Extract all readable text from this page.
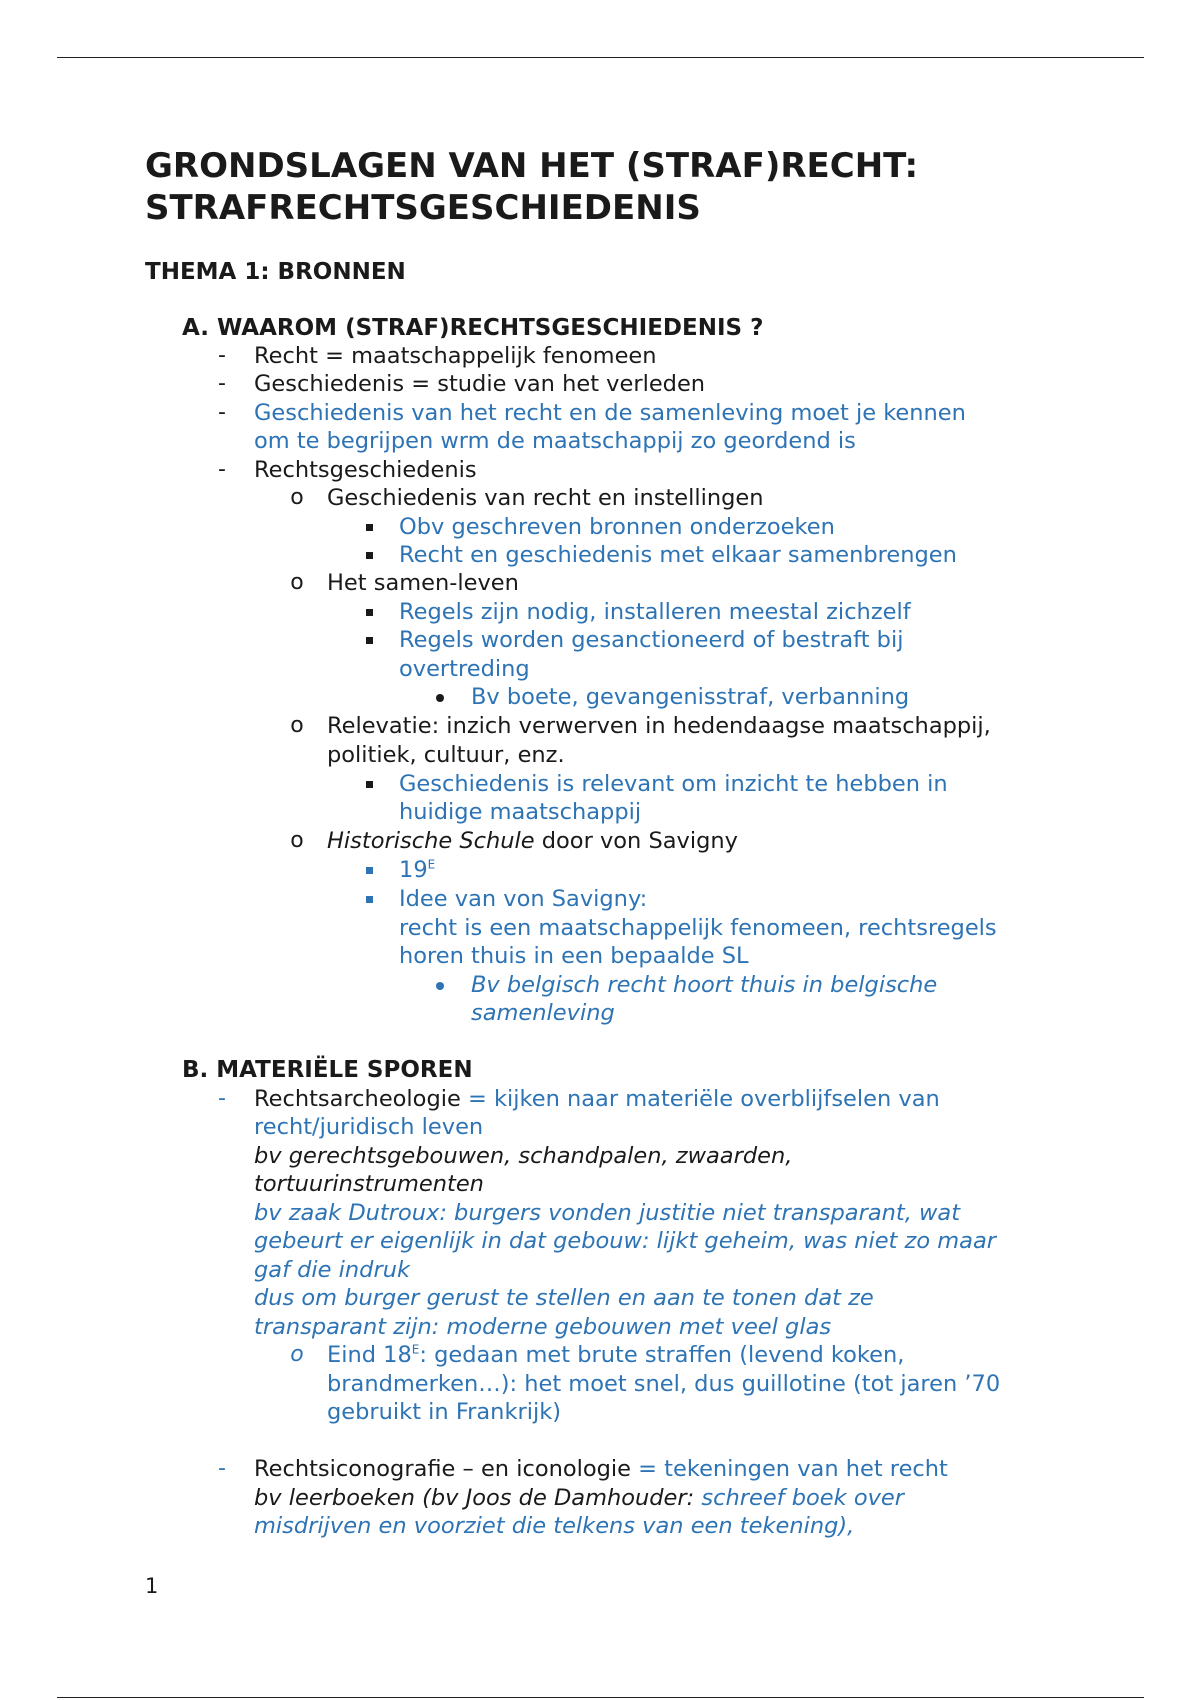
GRONDSLAGEN VAN HET (STRAF)RECHT:
STRAFRECHTSGESCHIEDENIS
THEMA 1: BRONNEN
A. WAAROM (STRAF)RECHTSGESCHIEDENIS ?
- Recht = maatschappelijk fenomeen
- Geschiedenis = studie van het verleden
- Geschiedenis van het recht en de samenleving moet je kennen
om te begrijpen wrm de maatschappij zo geordend is
- Rechtsgeschiedenis
o Geschiedenis van recht en instellingen
Obv geschreven bronnen onderzoeken
Recht en geschiedenis met elkaar samenbrengen
o Het samen-leven
Regels zijn nodig, installeren meestal zichzelf
Regels worden gesanctioneerd of bestraft bij
overtreding
Bv boete, gevangenisstraf, verbanning
o Relevatie: inzich verwerven in hedendaagse maatschappij,
politiek, cultuur, enz.
Geschiedenis is relevant om inzicht te hebben in
huidige maatschappij
o Historische Schule door von Savigny
$19^E$
Idee van von Savigny:
recht is een maatschappelijk fenomeen, rechtsregels
horen thuis in een bepaalde SL
Bv belgisch recht hoort thuis in belgische
samenleving
B. MATERIËLE SPOREN
- Rechtsarcheologie = kijken naar materiële overblijfselen van
recht/juridisch leven
bv gerechtsgebouwen, schandpalen, zwaarden,
tortuurinstrumenten
bv zaak Dutroux: burgers vonden justitie niet transparant, wat
gebeurt er eigenlijk in dat gebouw: lijkt geheim, was niet zo maar
gaf die indruk
dus om burger gerust te stellen en aan te tonen dat ze
transparant zijn: moderne gebouwen met veel glas
o Eind $18^E$: gedaan met brute straffen (levend koken,
brandmerken…): het moet snel, dus guillotine (tot jaren ’70
gebruikt in Frankrijk)
- Rechtsiconografie – en iconologie = tekeningen van het recht
bv leerboeken (bv Joos de Damhouder: schreef boek over
misdrijven en voorziet die telkens van een tekening),
1
